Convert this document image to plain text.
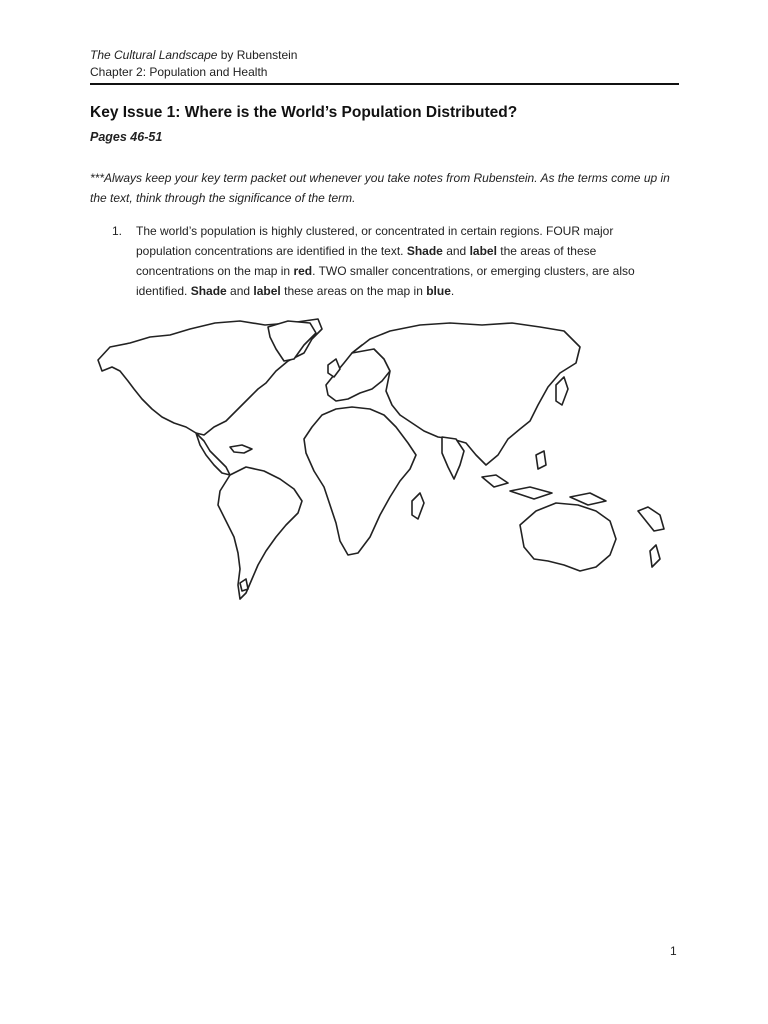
The Cultural Landscape by Rubenstein
Chapter 2: Population and Health
Key Issue 1: Where is the World’s Population Distributed?
Pages 46-51
***Always keep your key term packet out whenever you take notes from Rubenstein. As the terms come up in the text, think through the significance of the term.
1.	The world’s population is highly clustered, or concentrated in certain regions. FOUR major population concentrations are identified in the text. Shade and label the areas of these concentrations on the map in red. TWO smaller concentrations, or emerging clusters, are also identified. Shade and label these areas on the map in blue.
1
